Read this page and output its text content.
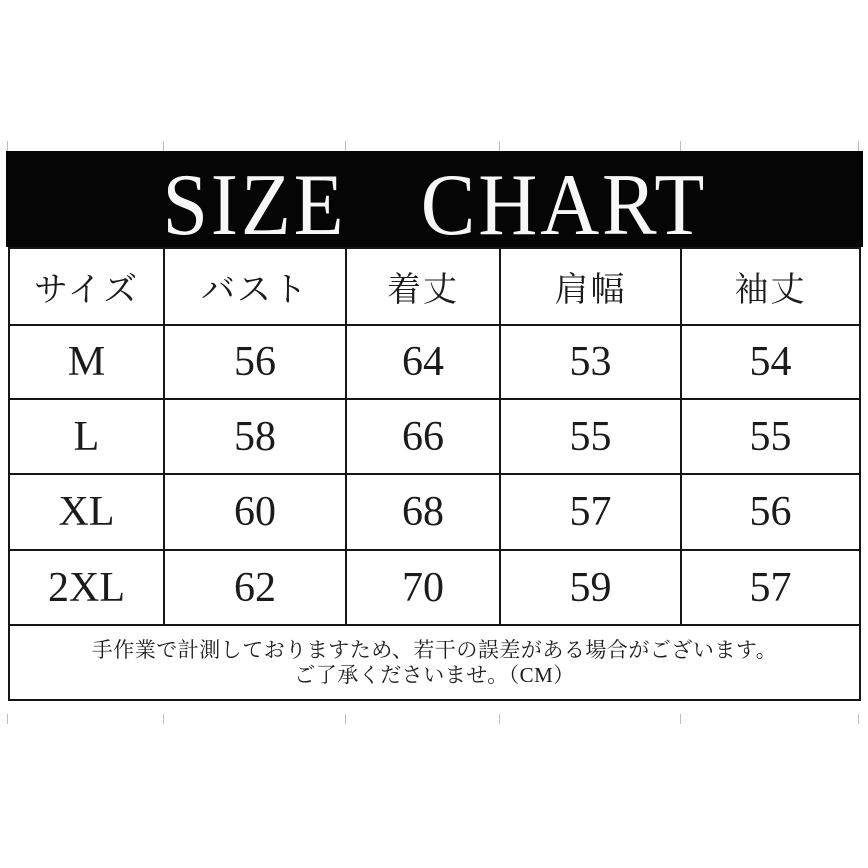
SIZE CHART
サイズ	バスト	着丈	肩幅	袖丈
M	56	64	53	54
L	58	66	55	55
XL	60	68	57	56
2XL	62	70	59	57

手作業で計測しておりますため、若干の誤差がある場合がございます。
ご了承くださいませ。（CM）				
